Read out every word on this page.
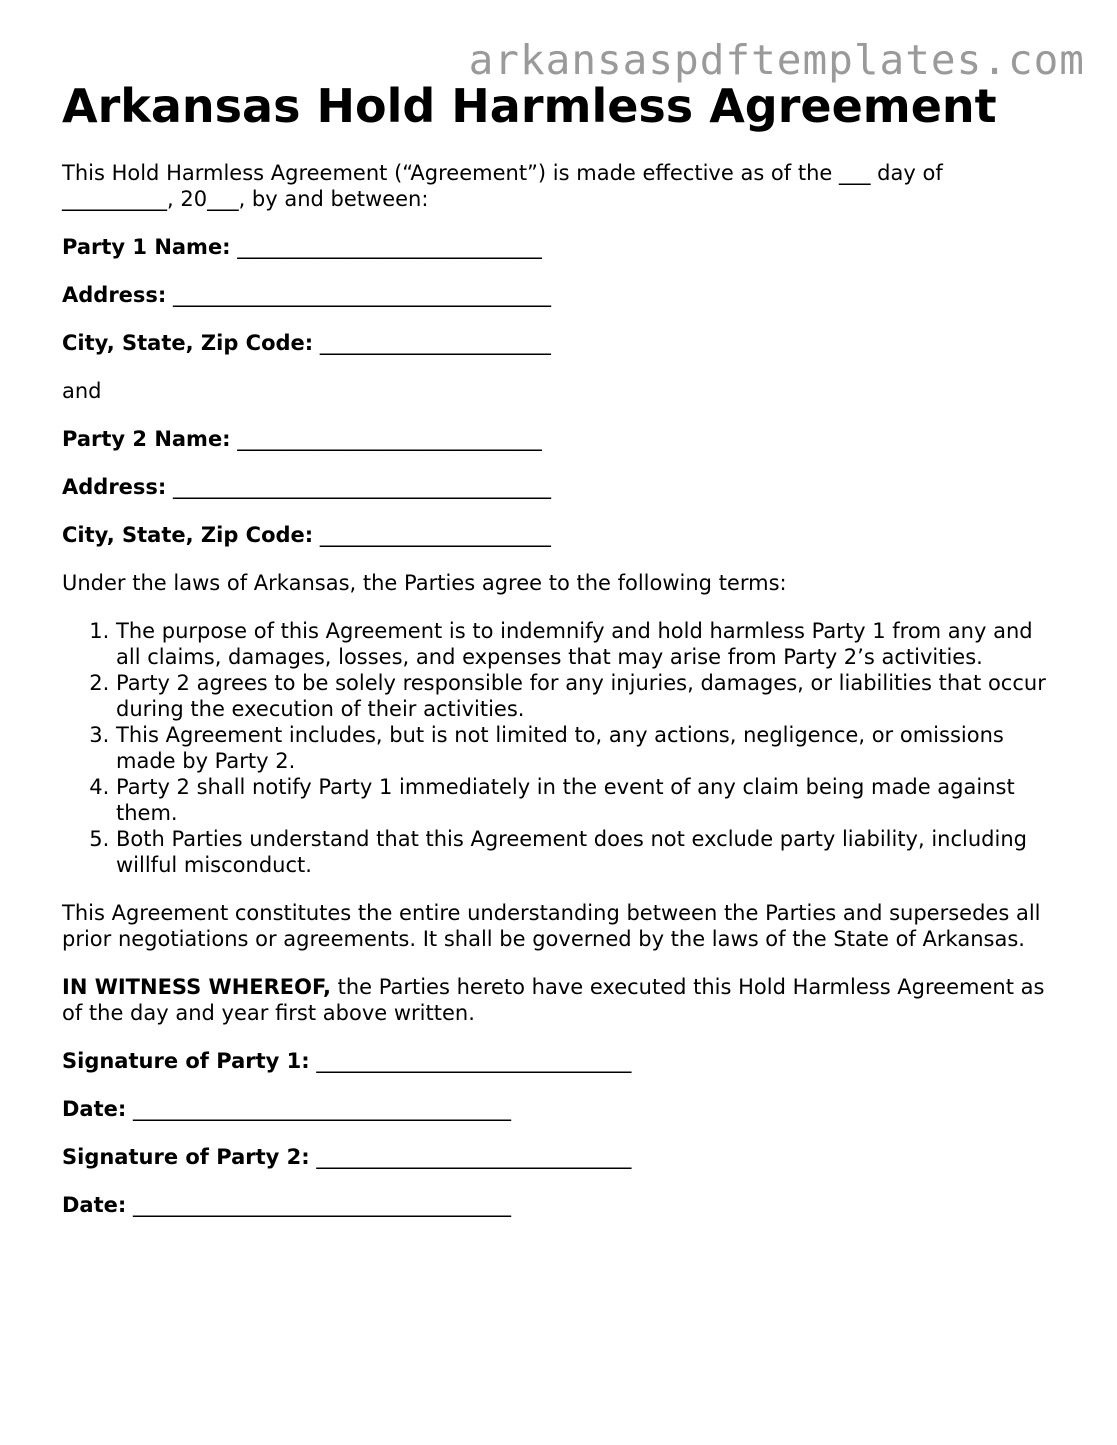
arkansaspdftemplates.com
Arkansas Hold Harmless Agreement

This Hold Harmless Agreement (“Agreement”) is made effective as of the ___ day of
__________, 20___, by and between:

Party 1 Name: _____________________________
Address: ____________________________________
City, State, Zip Code: ______________________

and

Party 2 Name: _____________________________
Address: ____________________________________
City, State, Zip Code: ______________________

Under the laws of Arkansas, the Parties agree to the following terms:

1. The purpose of this Agreement is to indemnify and hold harmless Party 1 from any and all claims, damages, losses, and expenses that may arise from Party 2’s activities.
2. Party 2 agrees to be solely responsible for any injuries, damages, or liabilities that occur during the execution of their activities.
3. This Agreement includes, but is not limited to, any actions, negligence, or omissions made by Party 2.
4. Party 2 shall notify Party 1 immediately in the event of any claim being made against them.
5. Both Parties understand that this Agreement does not exclude party liability, including willful misconduct.

This Agreement constitutes the entire understanding between the Parties and supersedes all prior negotiations or agreements. It shall be governed by the laws of the State of Arkansas.

IN WITNESS WHEREOF, the Parties hereto have executed this Hold Harmless Agreement as of the day and year first above written.

Signature of Party 1: ______________________________
Date: ____________________________________
Signature of Party 2: ______________________________
Date: ____________________________________
